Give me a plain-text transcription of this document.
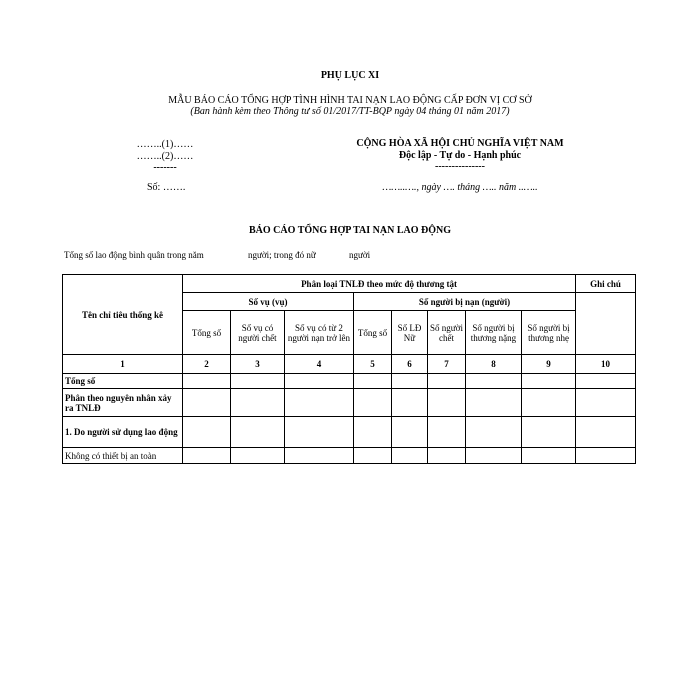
PHỤ LỤC XI
MẪU BÁO CÁO TỔNG HỢP TÌNH HÌNH TAI NẠN LAO ĐỘNG CẤP ĐƠN VỊ CƠ SỞ
(Ban hành kèm theo Thông tư số 01/2017/TT-BQP ngày 04 tháng 01 năm 2017)
……..(1)……
……..(2)……
-------
Số: …….
CỘNG HÒA XÃ HỘI CHỦ NGHĨA VIỆT NAM
Độc lập - Tự do - Hạnh phúc
---------------
……..…., ngày …. tháng ….. năm ..…..
BÁO CÁO TỔNG HỢP TAI NẠN LAO ĐỘNG
Tổng số lao động bình quân trong năm	người; trong đó nữ	người
Tên chỉ tiêu thống kê	Phân loại TNLĐ theo mức độ thương tật								Ghi chú
	Số vụ (vụ)			Số người bị nạn (người)					
	Tổng số	Số vụ có người chết	Số vụ có từ 2 người nạn trở lên	Tổng số	Số LĐ Nữ	Số người chết	Số người bị thương nặng	Số người bị thương nhẹ	
1	2	3	4	5	6	7	8	9	10
Tổng số									
Phân theo nguyên nhân xảy ra TNLĐ									
1. Do người sử dụng lao động									
Không có thiết bị an toàn									
